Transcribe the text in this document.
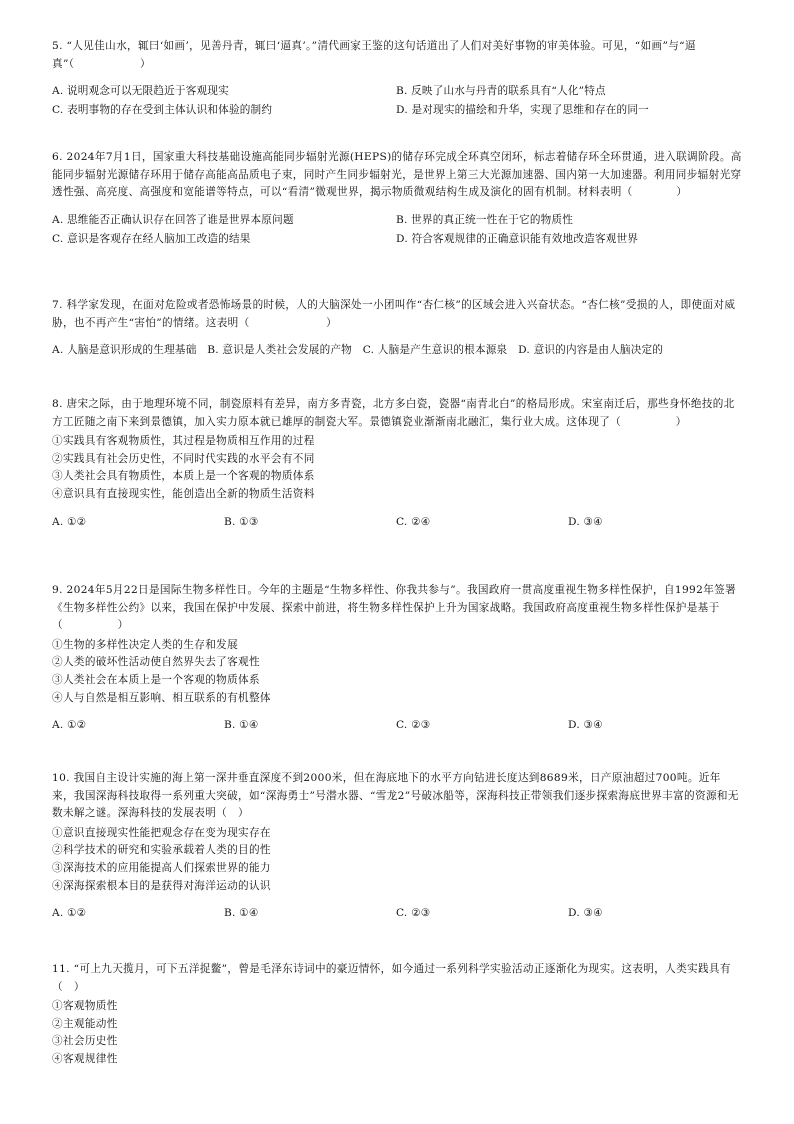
5. “人见佳山水，辄曰‘如画’，见善丹青，辄曰‘逼真’。”清代画家王鉴的这句话道出了人们对美好事物的审美体验。可见，“如画”与“逼真”（　　　　　　）

A. 说明观念可以无限趋近于客观现实	B. 反映了山水与丹青的联系具有“人化”特点
C. 表明事物的存在受到主体认识和体验的制约	D. 是对现实的描绘和升华，实现了思维和存在的同一

6. 2024年7月1日，国家重大科技基础设施高能同步辐射光源(HEPS)的储存环完成全环真空闭环，标志着储存环全环贯通，进入联调阶段。高能同步辐射光源储存环用于储存高能高品质电子束，同时产生同步辐射光，是世界上第三大光源加速器、国内第一大加速器。利用同步辐射光穿透性强、高亮度、高强度和宽能谱等特点，可以“看清”微观世界，揭示物质微观结构生成及演化的固有机制。材料表明（　　　　）

A. 思维能否正确认识存在回答了谁是世界本原问题	B. 世界的真正统一性在于它的物质性
C. 意识是客观存在经人脑加工改造的结果	D. 符合客观规律的正确意识能有效地改造客观世界

7. 科学家发现，在面对危险或者恐怖场景的时候，人的大脑深处一小团叫作“杏仁核”的区域会进入兴奋状态。“杏仁核”受损的人，即使面对威胁，也不再产生“害怕”的情绪。这表明（　　　　　　　）

A. 人脑是意识形成的生理基础　B. 意识是人类社会发展的产物　C. 人脑是产生意识的根本源泉　D. 意识的内容是由人脑决定的

8. 唐宋之际，由于地理环境不同，制瓷原料有差异，南方多青瓷，北方多白瓷，瓷器“南青北白”的格局形成。宋室南迁后，那些身怀绝技的北方工匠随之南下来到景德镇，加入实力原本就已雄厚的制瓷大军。景德镇瓷业渐渐南北融汇，集行业大成。这体现了（　　　　　）

①实践具有客观物质性，其过程是物质相互作用的过程
②实践具有社会历史性，不同时代实践的水平会有不同
③人类社会具有物质性，本质上是一个客观的物质体系
④意识具有直接现实性，能创造出全新的物质生活资料
A. ①②	B. ①③	C. ②④	D. ③④

9. 2024年5月22日是国际生物多样性日。今年的主题是“生物多样性、你我共参与”。我国政府一贯高度重视生物多样性保护，自1992年签署《生物多样性公约》以来，我国在保护中发展、探索中前进，将生物多样性保护上升为国家战略。我国政府高度重视生物多样性保护是基于（　　　　　）

①生物的多样性决定人类的生存和发展
②人类的破坏性活动使自然界失去了客观性
③人类社会在本质上是一个客观的物质体系
④人与自然是相互影响、相互联系的有机整体
A. ①②	B. ①④	C. ②③	D. ③④

10. 我国自主设计实施的海上第一深井垂直深度不到2000米，但在海底地下的水平方向钻进长度达到8689米，日产原油超过700吨。近年来，我国深海科技取得一系列重大突破，如“深海勇士”号潜水器、“雪龙2”号破冰船等，深海科技正带领我们逐步探索海底世界丰富的资源和无数未解之谜。深海科技的发展表明（　）

①意识直接现实性能把观念存在变为现实存在
②科学技术的研究和实验承载着人类的目的性
③深海技术的应用能提高人们探索世界的能力
④深海探索根本目的是获得对海洋运动的认识
A. ①②	B. ①④	C. ②③	D. ③④

11. “可上九天揽月，可下五洋捉鳖”，曾是毛泽东诗词中的豪迈情怀，如今通过一系列科学实验活动正逐渐化为现实。这表明，人类实践具有（　）

①客观物质性
②主观能动性
③社会历史性
④客观规律性
